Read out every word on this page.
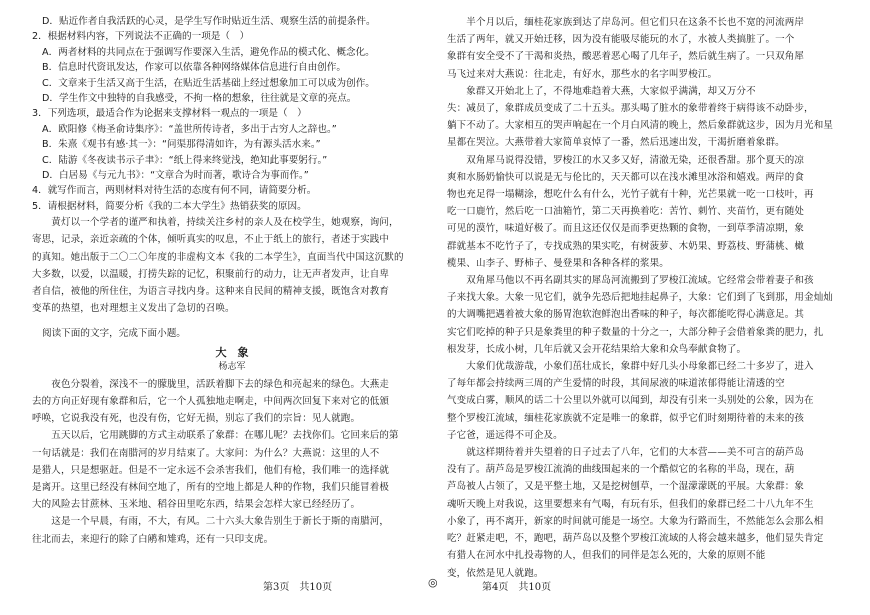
D．贴近作者自我活跃的心灵，是学生写作时贴近生活、观察生活的前提条件。

2．根据材料内容，下列说法不正确的一项是（　）

A．两者材料的共同点在于强调写作要深入生活，避免作品的模式化、概念化。

B．信息时代资讯发达，作家可以依靠各种网络媒体信息进行自由创作。

C．文章来于生活又高于生活，在贴近生活基础上经过想象加工可以成为创作。

D．学生作文中独特的自我感受，不拘一格的想象，往往就是文章的亮点。

3．下列选项，最适合作为论据来支撑材料一观点的一项是（　）

A．欧阳修《梅圣俞诗集序》：“盖世所传诗者，多出于古穷人之辞也。”

B．朱熹《观书有感·其一》：“问渠那得清如许，为有源头活水来。”

C．陆游《冬夜读书示子聿》：“纸上得来终觉浅，绝知此事要躬行。”

D．白居易《与元九书》：“文章合为时而著，歌诗合为事而作。”

4．就写作而言，两则材料对待生活的态度有何不同，请简要分析。

5．请根据材料，简要分析《我的二本大学生》热销获奖的原因。

　　黄灯以一个学者的谨严和执着，持续关注乡村的亲人及在校学生，她观察，询问，

寄思，记录，亲近亲疏的个体，倾听真实的叹息，不止于纸上的旅行，者述于实践中

的真知。她出版于二〇二〇年度的非虚构文本《我的二本学生》，直面当代中国这沉默的

大多数，以爱，以温暖，打捞失踪的记忆，积聚前行的动力，让无声者发声，让自卑

者自信，被他的所住住，为语言寻找内身。这种来自民间的精神支援，既饱含对教育

变革的热望，也对理想主义发出了急切的召唤。

阅读下面的文字，完成下面小题。

大　象
杨志军

　　夜色分裂着，深浅不一的朦胧里，活跃着脚下去的绿色和亮起来的绿色。大燕走

去的方向正好现有象群和后，它一个人孤独地走啊走，中间两次回复下来对它的低頒

呼唤，它说我没有死，也没有伤，它好无损，别忘了我们的宗旨：见人就跑。

　　五天以后，它用跳脚的方式主动联系了象群：在哪儿呢？去找你们。它回来后的第

一句话就是：我们在南腊河的岁月结束了。大家问：为什么？大燕说：这里的人不

是猎人，只是想驱赶。但是不一定永远不会杀害我们，他们有枪，我们唯一的选择就

是离开。这里已经没有林间空地了，所有的空地上都是人种的作物，我们只能冒着极

大的风险去甘蔗林、玉米地、稻谷田里吃东西，结果会怎样大家已经经历了。

　　这是一个早晨，有雨，不大，有风。二十六头大象告别生于新长于斯的南腊河，

往北而去，来迎行的除了白鹇和雉鸡，还有一只印支虎。

　　半个月以后，缅桂花家族到达了岸岛河。但它们只在这条不长也不宽的河流两岸

生活了两年，就又开始迁移，因为没有能吸尽能玩的水了，水被人类搞脏了。一个

象群有安全受不了干渴和炎热，酸恶着恶心喝了几年子，然后就生病了。一只双角犀

马飞过来对大燕说：往北走，有好水，那些水的名字叫罗梭江。

　　象群又开始北上了，不得地难趋着大燕，大家似乎满满，却又万分不

失：减员了，象群成员变成了二十五头。那头喝了脏水的象带着终于病得该不动卧步，

躺下不动了。大家相互的哭声响起在一个月白风清的晚上，然后象群就这步，因为月光和星

星都在哭泣。大燕带着大家简单哀悼了一番，然后迅速出发，干渴折磨着象群。

　　双角犀马说得没错，罗梭江的水又多又好，清澈无染，还很香甜。那个夏天的凉

爽和水肠奶愉快可以说是无与伦比的，天天都可以在浅水滩里冰浴和嬉戏。两岸的食

物也充足得一塌糊涂，想吃什么有什么，光竹子就有十种，光芒果就一吃一口枝叶，再

吃一口鹿竹，然后吃一口油箱竹，第二天再换着吃：苦竹、刺竹、夹苗竹，更有随处

可见的漠竹，味道好极了。而且这还仅仅是而季更热颗的食物，一到草季清凉期，象

群就基本不吃竹子了，专找成熟的果实吃，有树菠萝、木奶果、野荔枝、野蒲桃、橄

榄果、山李子、野柿子、曼登果和各种各样的浆果。

　　双角犀马他以不再名副其实的犀岛河流搬到了罗梭江流域。它经常会带着妻子和孩

子来找大象。大象一见它们，就争先恐后把地挂起鼻子，大象：它们到了飞到那，用金灿灿

的大调嘴把遇着被大象的肠胃泡软泡鲜泡出香味的种子，每次都能吃得心满意足。其

实它们吃掉的种子只是象粪里的种子数量的十分之一，大部分种子会借着象粪的肥力，扎

根发芽，长成小树，几年后就又会开花结果给大象和众鸟奉献食物了。

　　大象们优哉游哉，小象们茁壮成长，象群中好几头小母象都已经二十多岁了，进入

了每年都会持续两三周的产生爱情的时段，其间尿液的味道浓郁得能让清透的空

气变成白雾，顺风的话二十公里以外就可以闻到，却没有引来一头别处的公象，因为在

整个罗梭江流域，缅桂花家族就不定是唯一的象群，似乎它们时刻期待着的未来的孩

子它爸，遥远得不可企及。

　　就这样期待着并失望着的日子过去了八年，它们的大本营——美不可言的葫芦岛

没有了。葫芦岛是罗梭江流淌的曲线围起来的一个酷似它的名称的半岛，现在，葫

芦岛被人占领了，又是平整土地，又是挖树刨草，一个湿濛濛既的平展。大象群：象

魂听天晚上对我说，这里要想来有气喝，有玩有乐，但我们的象群已经二十八九年不生

小象了，再不离开，新家的时间就可能是一场空。大象为行路而生，不然能怎么会那么相

吃？赶紧走吧，不，跑吧，葫芦岛以及整个罗梭江流域的人将会越来越多，他们显失肯定

有猎人在河水中扎投毒物的人，但我们的同伴是怎么死的，大象的原则不能

变，依然是见人就跑。

第3页　共10页	◎	第4页　共10页
